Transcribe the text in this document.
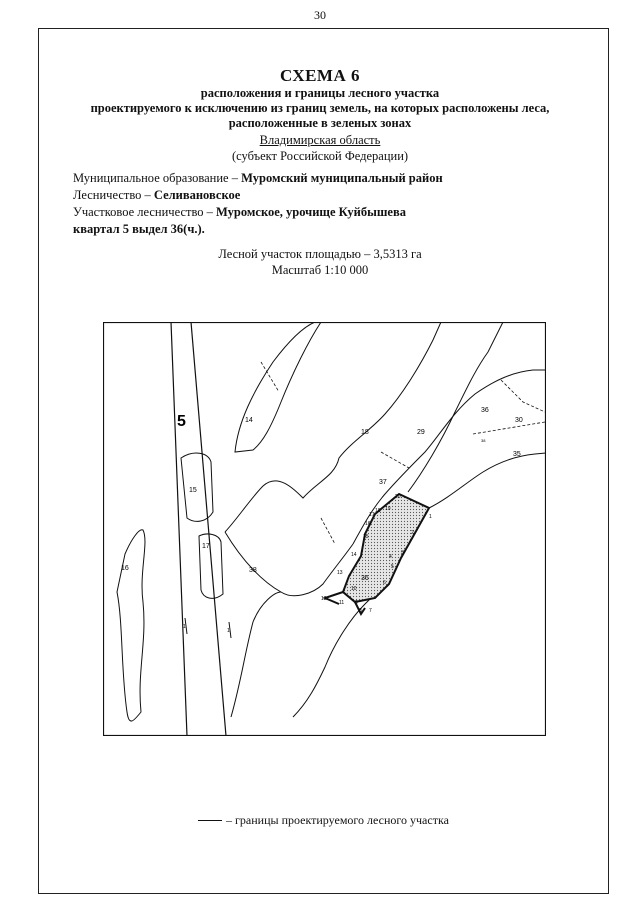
30
СХЕМА 6
расположения и границы лесного участка
проектируемого к исключению из границ земель, на которых расположены леса,
расположенные в зеленых зонах
Владимирская область
(субъект Российской Федерации)
Муниципальное образование – Муромский муниципальный район
Лесничество – Селивановское
Участковое лесничество – Муромское, урочище Куйбышева
квартал 5 выдел 36(ч.).
Лесной участок площадью – 3,5313 га
Масштаб 1:10 000
5	14
15
16
17
18	29
30
35
36
37
38
38
36
1
2
3
4
5
6
7
8
9
10
11
12
13
14
15
16
17
18 19
20
1
1
– границы проектируемого лесного участка
